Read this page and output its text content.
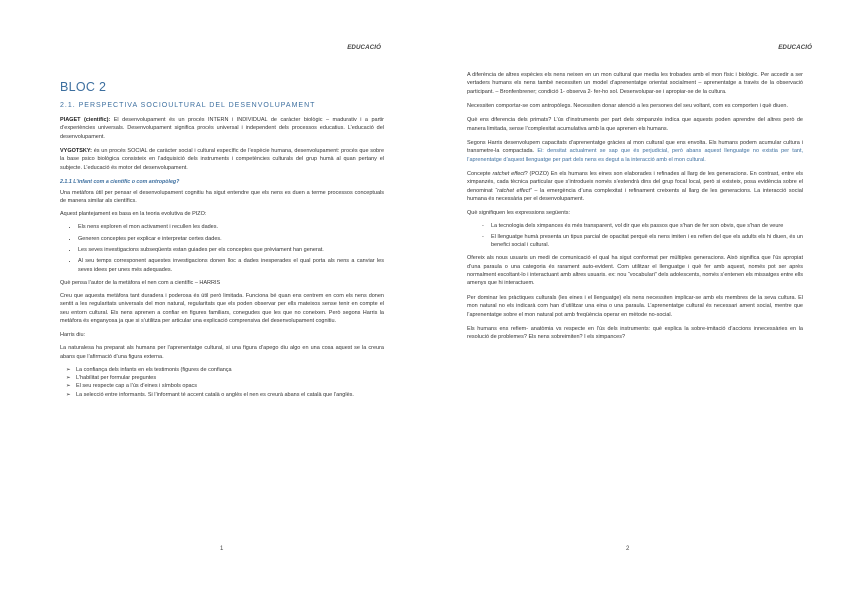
EDUCACIÓ
BLOC 2
2.1. PERSPECTIVA SOCIOULTURAL DEL DESENVOLUPAMENT

PIAGET (científic): El desenvolupament és un procés INTERN i INDIVIDUAL de caràcter biològic – madurativ i a partir d’experiències universals. Desenvolupament significa procés universal i independent dels processos educatius. L’educació del desenvolupament.

VYGOTSKY: és un procés SOCIAL de caràcter social i cultural específic de l’espècie humana, desenvolupament: procés que sobre la base psico biològica consisteix en l’adquisició dels instruments i competències culturals del grup humà al quan pertany el subjecte. L’educació és motor del desenvolupament.

2.1.1 L’infant com a científic o com antropòleg?

Una metàfora útil per pensar el desenvolupament cognitiu ha sigut entendre que els nens es duen a terme processos conceptuals de manera similar als científics.

Aquest plantejament es basa en la teoria evolutiva de PIZO:

• Els nens exploren el mon activament i recullen les dades.
• Generen conceptes per explicar e interpretar certes dades.
• Les seves investigacions subseqüents estan guiades per els conceptes que prèviament han generat.
• Al seu temps corresponent aquestes investigacions donen lloc a dades inesperades el qual porta als nens a canviar les seves idees per unes més adequades.

Què pensa l’autor de la metàfora el nen com a científic – HARRIS

Creu que aquesta metàfora tant duradera i poderosa és útil però limitada. Funciona bé quan ens centrem en com els nens donen sentit a les regularitats universals del mon natural, regularitats que els poden observar per ells mateixos sense tenir en compte el seu entorn cultural. Els nens aprenen a confiar en figures familiars, conegudes que les que no coneixen. Però segons Harris la metàfora és enganyosa ja que si s’utilitza per articular una explicació comprensiva del desenvolupament cognitiu.

Harris diu:

La naturalesa ha preparat als humans per l’aprenentatge cultural, si una figura d’apego diu algo en una cosa aquest se la creura abans que l’afirmació d’una figura externa.

➢ La confiança dels infants en els testimonis (figures de confiança
➢ L’habilitat per formular preguntes
➢ El seu respecte cap a l’ús d’eines i símbols opacs
➢ La selecció entre informants. Si l’informant té accent català o anglès el nen es creurà abans el català que l’anglès.
1
EDUCACIÓ

A diferència de altres espècies els nens neixen en un mon cultural que media les trobades amb el mon físic i biològic. Per accedir a ser vertaders humans els nens també necessiten un model d’aprenentatge orientat socialment – aprenentatge a través de la observació participant. – Bronfenbrener; condició 1- observa 2- fer-ho sol. Desenvolupar-se i apropiar-se de la cultura.

Necessiten comportar-se com antropòlegs. Necessiten donar atenció a les persones del seu voltant, com es comporten i què diuen.

Què ens diferencia dels primats? L’ús d’instruments per part dels ximpanzés indica que aquests poden aprendre del altres però de manera limitada, sense l’complexitat acumulativa amb la que aprenen els humans.

Segons Harris desenvolupem capacitats d’aprenentatge gràcies al mon cultural que ens envolta. Els humans podem acumular cultura i transmetre-la compactada. Ei: densitat actualment se sap que és perjudicial, però abans aquest llenguatge no existia per tant, l’aprenentatge d’aquest llenguatge per part dels nens es degut a la interacció amb el mon cultural.

Concepte ratchet effect? (POZO) En els humans les eines son elaborades i refinades al llarg de les generacions. En contrast, entre els ximpanzés, cada tècnica particular que s’introdueix només s’estendrà dins del grup focal local, però si existeix, posa evidència sobre el denominat “ratchet effect” – la emergència d’una complexitat i refinament creixents al llarg de les generacions. La interacció social humana és necessària per el desenvolupament.

Què signifiquen les expressions següents:

- La tecnologia dels ximpances és més transparent, vol dir que els passos que s’han de fer son obvis, que s’han de veure
- El llenguatge humà presenta un tipus parcial de opacitat perquè els nens imiten i es refien del que els adults els hi diuen, és un benefici social i cultural.

Ofereix als nous usuaris un medi de comunicació el qual ha sigut conformat per múltiples generacions. Això significa que l’ús apropiat d’una paraula o una categoria és rarament auto-evident. Com utilitzar el llenguatge i què fer amb aquest, només pot ser après normalment escoltant-lo i interactuant amb altres usuaris. ex: nou “vocabulari” dels adolescents, només s’entenen els missatges entre ells amenys que hi interactuem.

Per dominar les pràctiques culturals (les eines i el llenguatge) els nens necessiten implicar-se amb els membres de la seva cultura. El mon natural no els indicarà com han d’utilitzar una eina o una paraula. L’aprenentatge cultural és necessari ament social, mentre que l’aprenentatge sobre el mon natural pot amb freqüència operar en mètode no-social.

Els humans ens refiem- anatòmia vs respecte en l’ús dels instruments: què explica la sobre-imitació d’accions innecessàries en la resolució de problemes? Els nens sobreimiten? I els ximpances?

2
